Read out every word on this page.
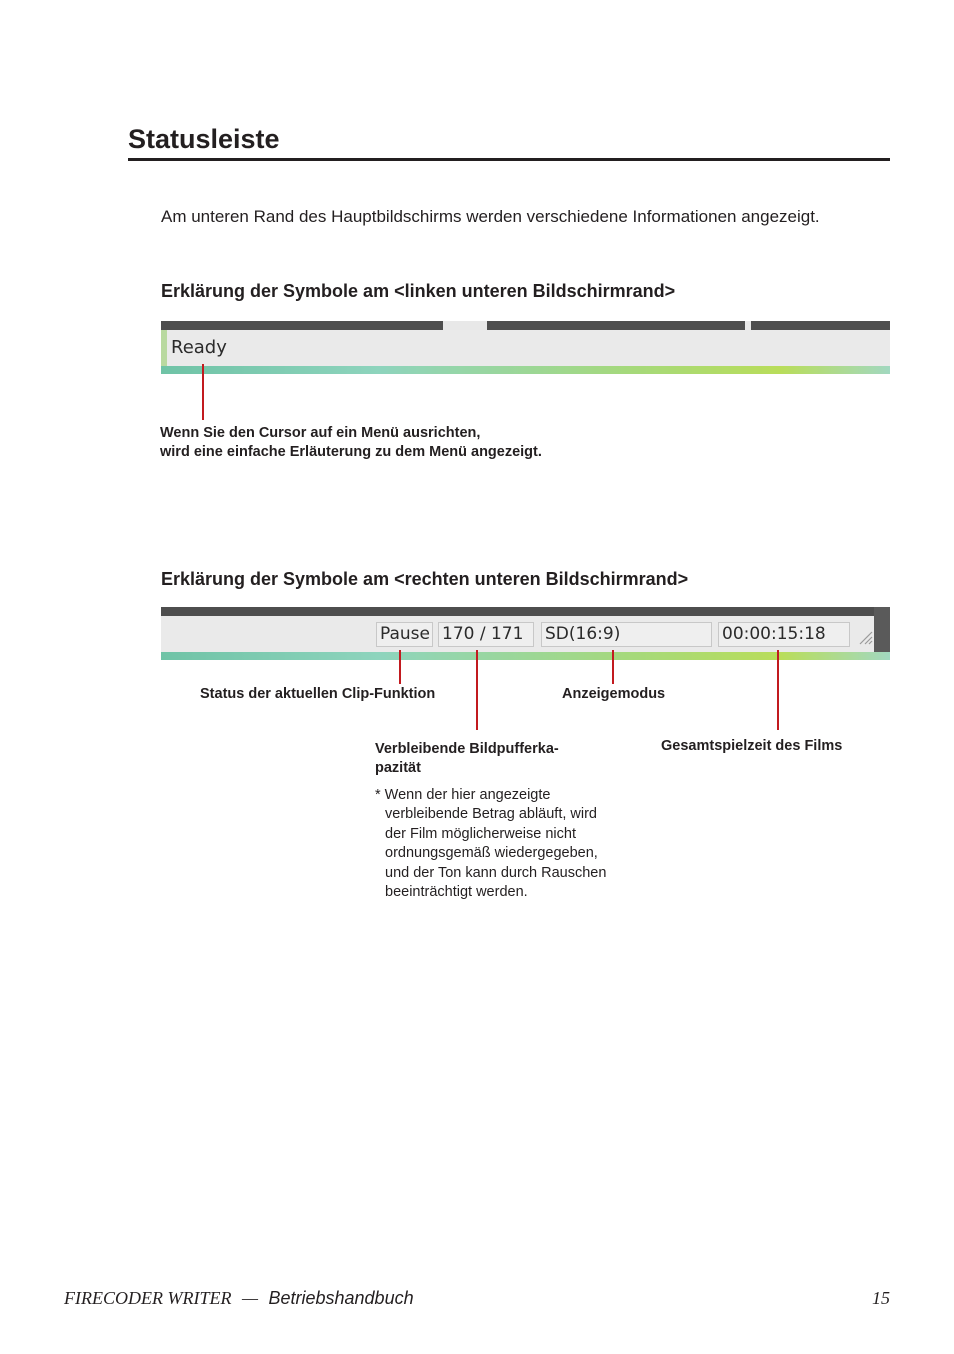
Statusleiste
Am unteren Rand des Hauptbildschirms werden verschiedene Informationen angezeigt.
Erklärung der Symbole am <linken unteren Bildschirmrand>
Ready
Wenn Sie den Cursor auf ein Menü ausrichten,
wird eine einfache Erläuterung zu dem Menü angezeigt.
Erklärung der Symbole am <rechten unteren Bildschirmrand>
Pause 170 / 171	SD(16:9)	00:00:15:18
Status der aktuellen Clip-Funktion	Anzeigemodus
Verbleibende Bildpufferka-
pazität
Gesamtspielzeit des Films
* Wenn der hier angezeigte
verbleibende Betrag abläuft, wird
der Film möglicherweise nicht
ordnungsgemäß wiedergegeben,
und der Ton kann durch Rauschen
beeinträchtigt werden.
FIRECODER WRITER — Betriebshandbuch	15
